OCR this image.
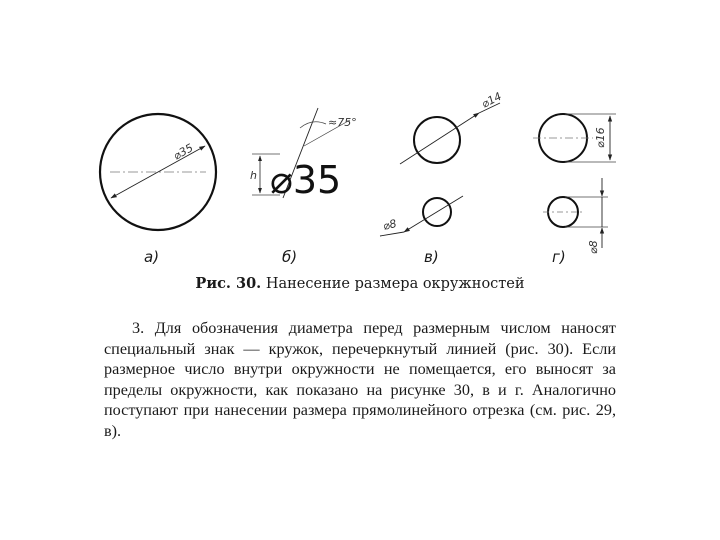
⌀35
а)
≈75°
h ⌀35
б)
⌀14
⌀8
в)
⌀16
⌀8
г)
Рис. 30. Нанесение размера окружностей

3. Для обозначения диаметра перед размерным числом наносят специальный знак — кружок, перечеркнутый линией (рис. 30). Если размерное число внутри окружности не помещается, его выносят за пределы окружности, как показано на рисунке 30, в и г. Аналогично поступают при нанесении размера прямолинейного отрезка (см. рис. 29, в).
